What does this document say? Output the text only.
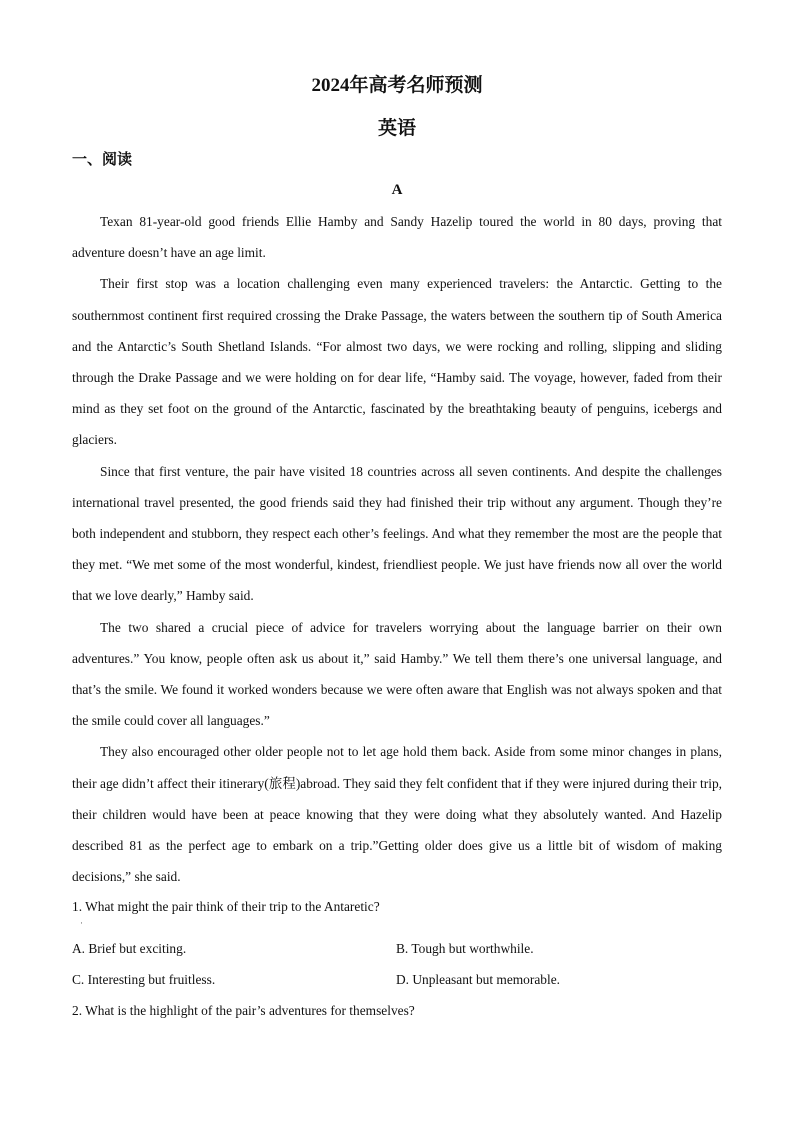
2024年高考名师预测
英语
一、阅读
A

Texan 81-year-old good friends Ellie Hamby and Sandy Hazelip toured the world in 80 days, proving that adventure doesn’t have an age limit.

Their first stop was a location challenging even many experienced travelers: the Antarctic. Getting to the southernmost continent first required crossing the Drake Passage, the waters between the southern tip of South America and the Antarctic’s South Shetland Islands. “For almost two days, we were rocking and rolling, slipping and sliding through the Drake Passage and we were holding on for dear life, “Hamby said. The voyage, however, faded from their mind as they set foot on the ground of the Antarctic, fascinated by the breathtaking beauty of penguins, icebergs and glaciers.

Since that first venture, the pair have visited 18 countries across all seven continents. And despite the challenges international travel presented, the good friends said they had finished their trip without any argument. Though they’re both independent and stubborn, they respect each other’s feelings. And what they remember the most are the people that they met. “We met some of the most wonderful, kindest, friendliest people. We just have friends now all over the world that we love dearly,” Hamby said.

The two shared a crucial piece of advice for travelers worrying about the language barrier on their own adventures.” You know, people often ask us about it,” said Hamby.” We tell them there’s one universal language, and that’s the smile. We found it worked wonders because we were often aware that English was not always spoken and that the smile could cover all languages.”

They also encouraged other older people not to let age hold them back. Aside from some minor changes in plans, their age didn’t affect their itinerary(旅程)abroad. They said they felt confident that if they were injured during their trip, their children would have been at peace knowing that they were doing what they absolutely wanted. And Hazelip described 81 as the perfect age to embark on a trip.”Getting older does give us a little bit of wisdom of making decisions,” she said.

1. What might the pair think of their trip to the Antaretic?
·
A. Brief but exciting.	B. Tough but worthwhile.
C. Interesting but fruitless.	D. Unpleasant but memorable.
2. What is the highlight of the pair’s adventures for themselves?
